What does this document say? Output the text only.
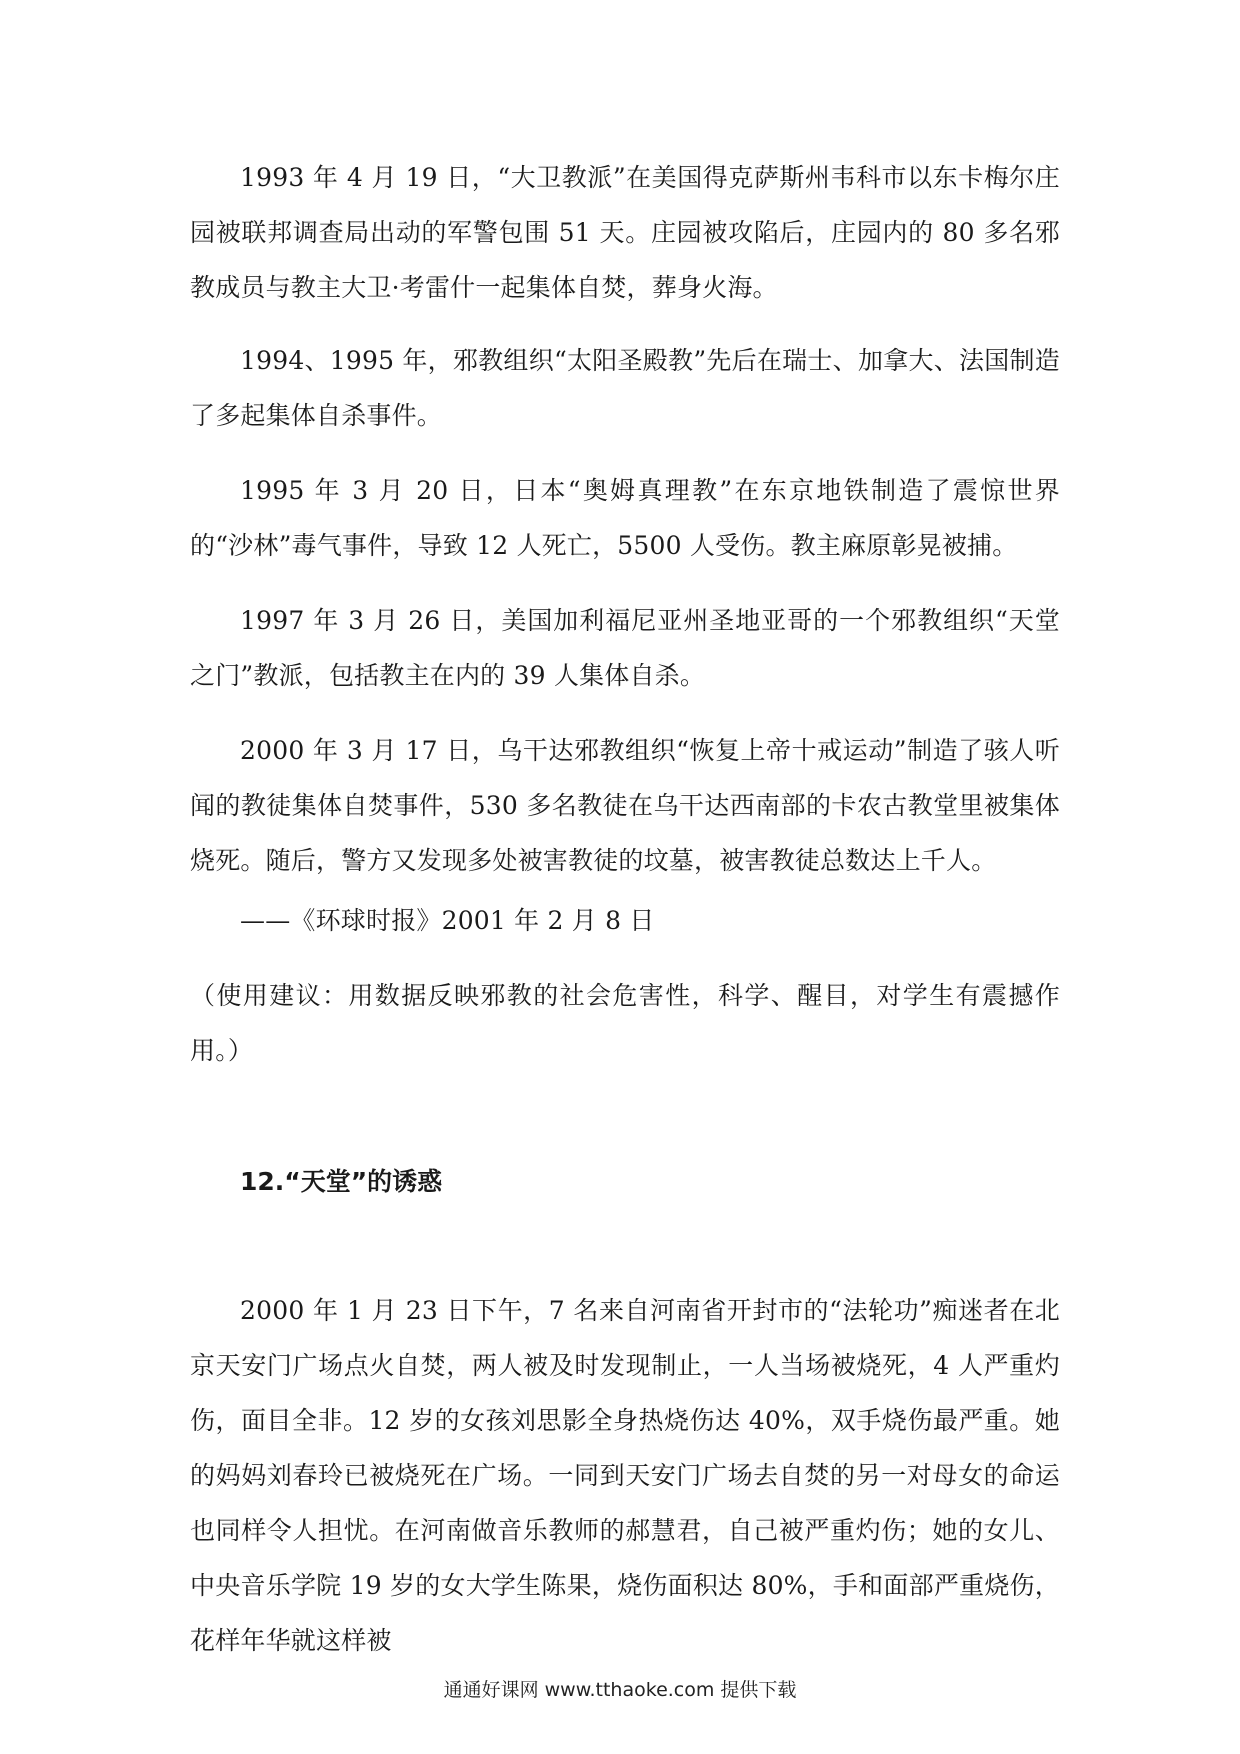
1993 年 4 月 19 日，“大卫教派”在美国得克萨斯州韦科市以东卡梅尔庄园被联邦调查局出动的军警包围 51 天。庄园被攻陷后，庄园内的 80 多名邪教成员与教主大卫·考雷什一起集体自焚，葬身火海。

1994、1995 年，邪教组织“太阳圣殿教”先后在瑞士、加拿大、法国制造了多起集体自杀事件。

1995 年 3 月 20 日，日本“奥姆真理教”在东京地铁制造了震惊世界的“沙林”毒气事件，导致 12 人死亡，5500 人受伤。教主麻原彰晃被捕。

1997 年 3 月 26 日，美国加利福尼亚州圣地亚哥的一个邪教组织“天堂之门”教派，包括教主在内的 39 人集体自杀。

2000 年 3 月 17 日，乌干达邪教组织“恢复上帝十戒运动”制造了骇人听闻的教徒集体自焚事件，530 多名教徒在乌干达西南部的卡农古教堂里被集体烧死。随后，警方又发现多处被害教徒的坟墓，被害教徒总数达上千人。

——《环球时报》2001 年 2 月 8 日

（使用建议：用数据反映邪教的社会危害性，科学、醒目，对学生有震撼作用。）

12.“天堂”的诱惑

2000 年 1 月 23 日下午，7 名来自河南省开封市的“法轮功”痴迷者在北京天安门广场点火自焚，两人被及时发现制止，一人当场被烧死，4 人严重灼伤，面目全非。12 岁的女孩刘思影全身热烧伤达 40%，双手烧伤最严重。她的妈妈刘春玲已被烧死在广场。一同到天安门广场去自焚的另一对母女的命运也同样令人担忧。在河南做音乐教师的郝慧君，自己被严重灼伤；她的女儿、中央音乐学院 19 岁的女大学生陈果，烧伤面积达 80%，手和面部严重烧伤，花样年华就这样被

通通好课网 www.tthaoke.com 提供下载
